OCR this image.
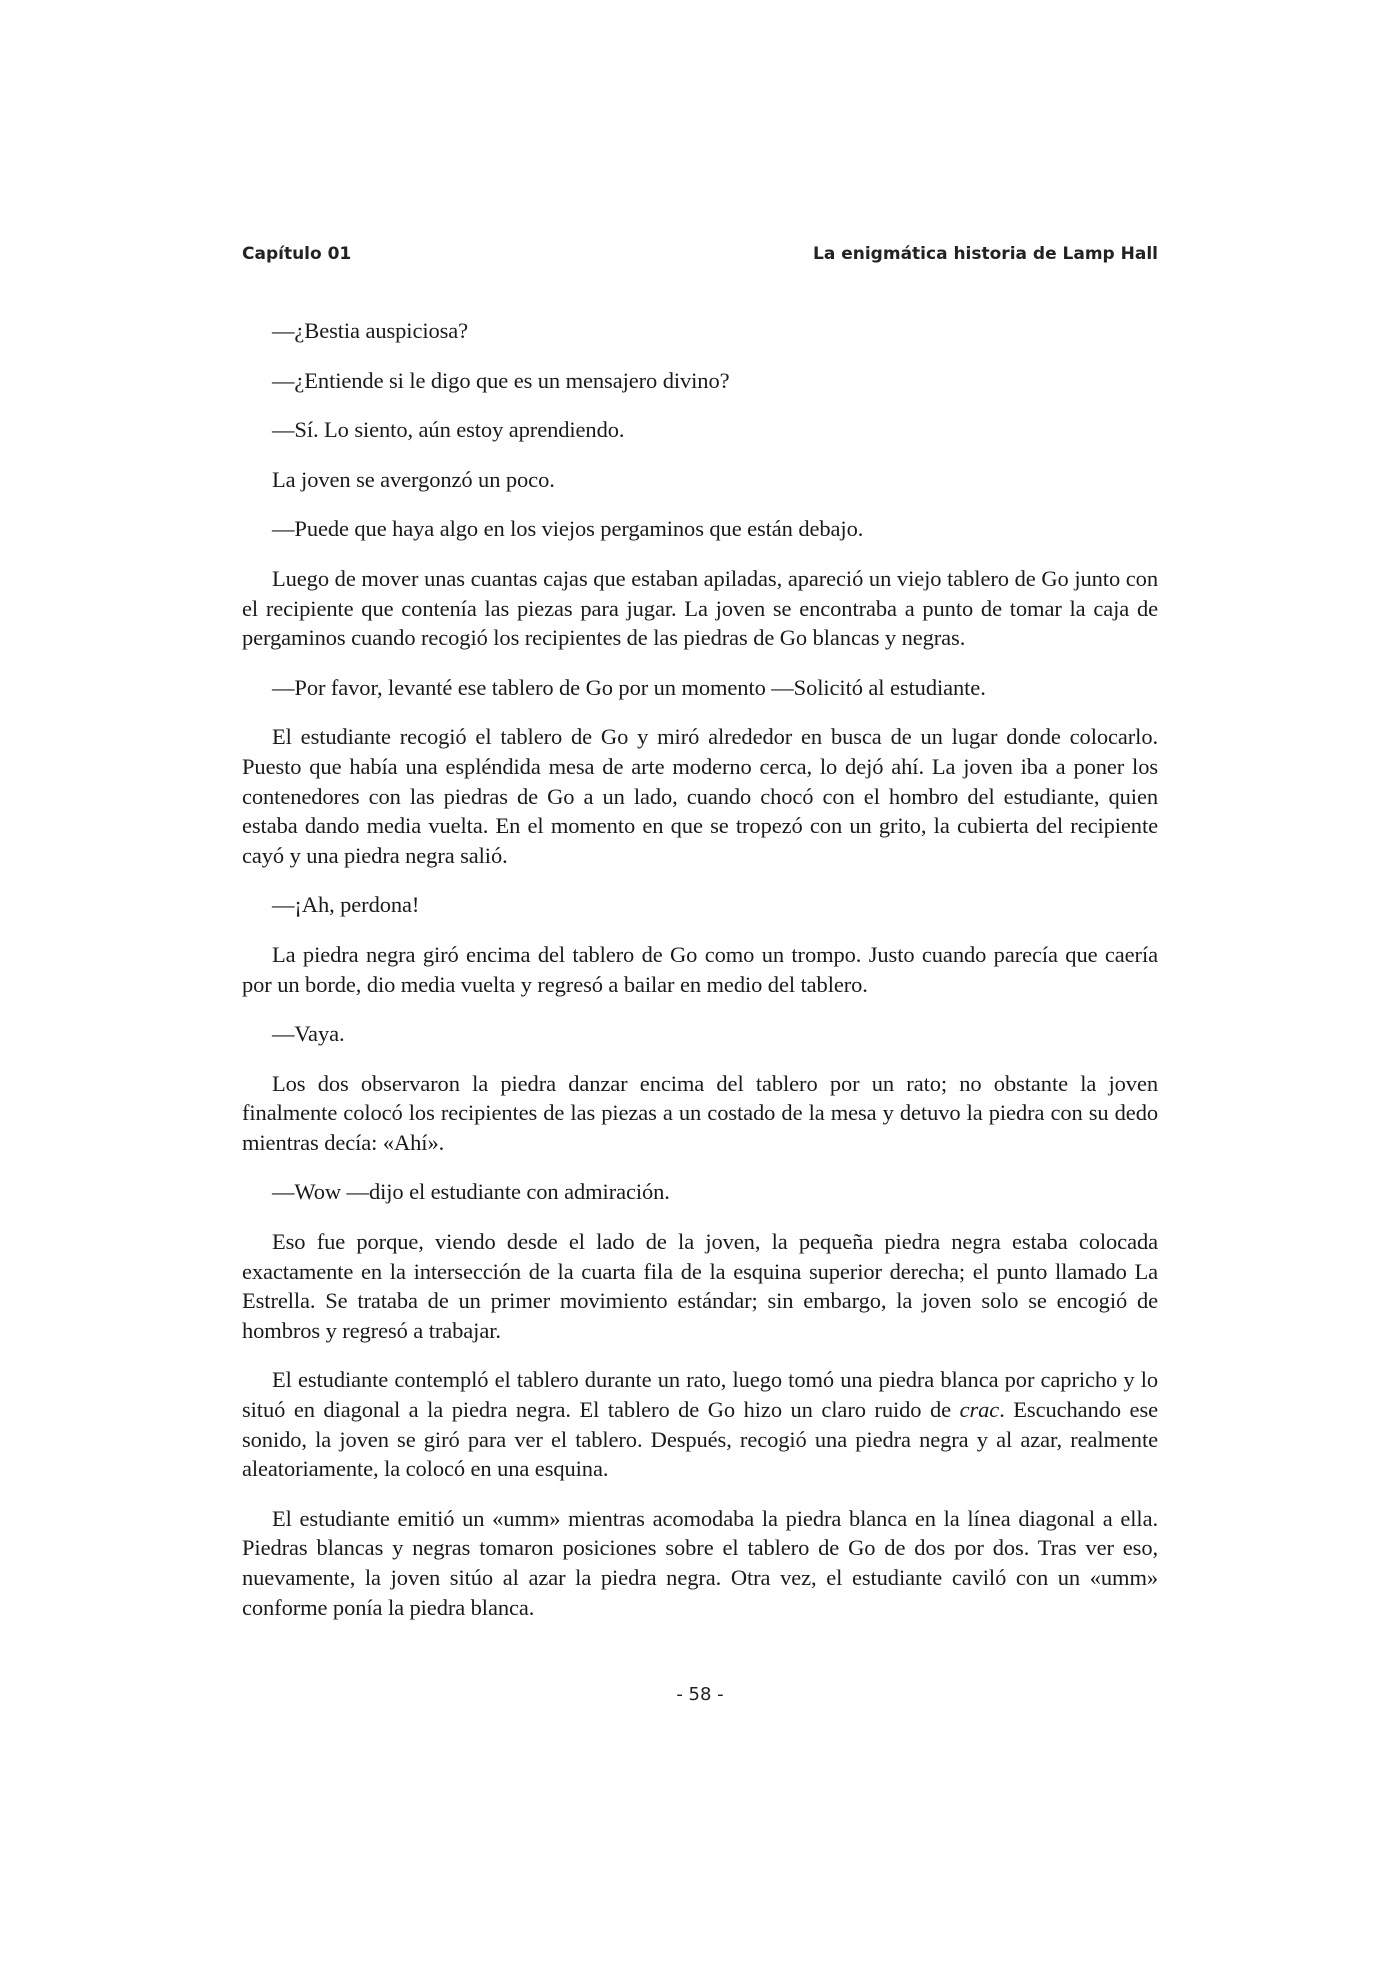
Capítulo 01	La enigmática historia de Lamp Hall

—¿Bestia auspiciosa?

—¿Entiende si le digo que es un mensajero divino?

—Sí. Lo siento, aún estoy aprendiendo.

La joven se avergonzó un poco.

—Puede que haya algo en los viejos pergaminos que están debajo.

Luego de mover unas cuantas cajas que estaban apiladas, apareció un viejo tablero de Go junto con el recipiente que contenía las piezas para jugar. La joven se encontraba a punto de tomar la caja de pergaminos cuando recogió los recipientes de las piedras de Go blancas y negras.

—Por favor, levanté ese tablero de Go por un momento —Solicitó al estudiante.

El estudiante recogió el tablero de Go y miró alrededor en busca de un lugar donde colocarlo. Puesto que había una espléndida mesa de arte moderno cerca, lo dejó ahí. La joven iba a poner los contenedores con las piedras de Go a un lado, cuando chocó con el hombro del estudiante, quien estaba dando media vuelta. En el momento en que se tropezó con un grito, la cubierta del recipiente cayó y una piedra negra salió.

—¡Ah, perdona!

La piedra negra giró encima del tablero de Go como un trompo. Justo cuando parecía que caería por un borde, dio media vuelta y regresó a bailar en medio del tablero.

—Vaya.

Los dos observaron la piedra danzar encima del tablero por un rato; no obstante la joven finalmente colocó los recipientes de las piezas a un costado de la mesa y detuvo la piedra con su dedo mientras decía: «Ahí».

—Wow —dijo el estudiante con admiración.

Eso fue porque, viendo desde el lado de la joven, la pequeña piedra negra estaba colocada exactamente en la intersección de la cuarta fila de la esquina superior derecha; el punto llamado La Estrella. Se trataba de un primer movimiento estándar; sin embargo, la joven solo se encogió de hombros y regresó a trabajar.

El estudiante contempló el tablero durante un rato, luego tomó una piedra blanca por capricho y lo situó en diagonal a la piedra negra. El tablero de Go hizo un claro ruido de crac. Escuchando ese sonido, la joven se giró para ver el tablero. Después, recogió una piedra negra y al azar, realmente aleatoriamente, la colocó en una esquina.

El estudiante emitió un «umm» mientras acomodaba la piedra blanca en la línea diagonal a ella. Piedras blancas y negras tomaron posiciones sobre el tablero de Go de dos por dos. Tras ver eso, nuevamente, la joven sitúo al azar la piedra negra. Otra vez, el estudiante caviló con un «umm» conforme ponía la piedra blanca.

- 58 -
